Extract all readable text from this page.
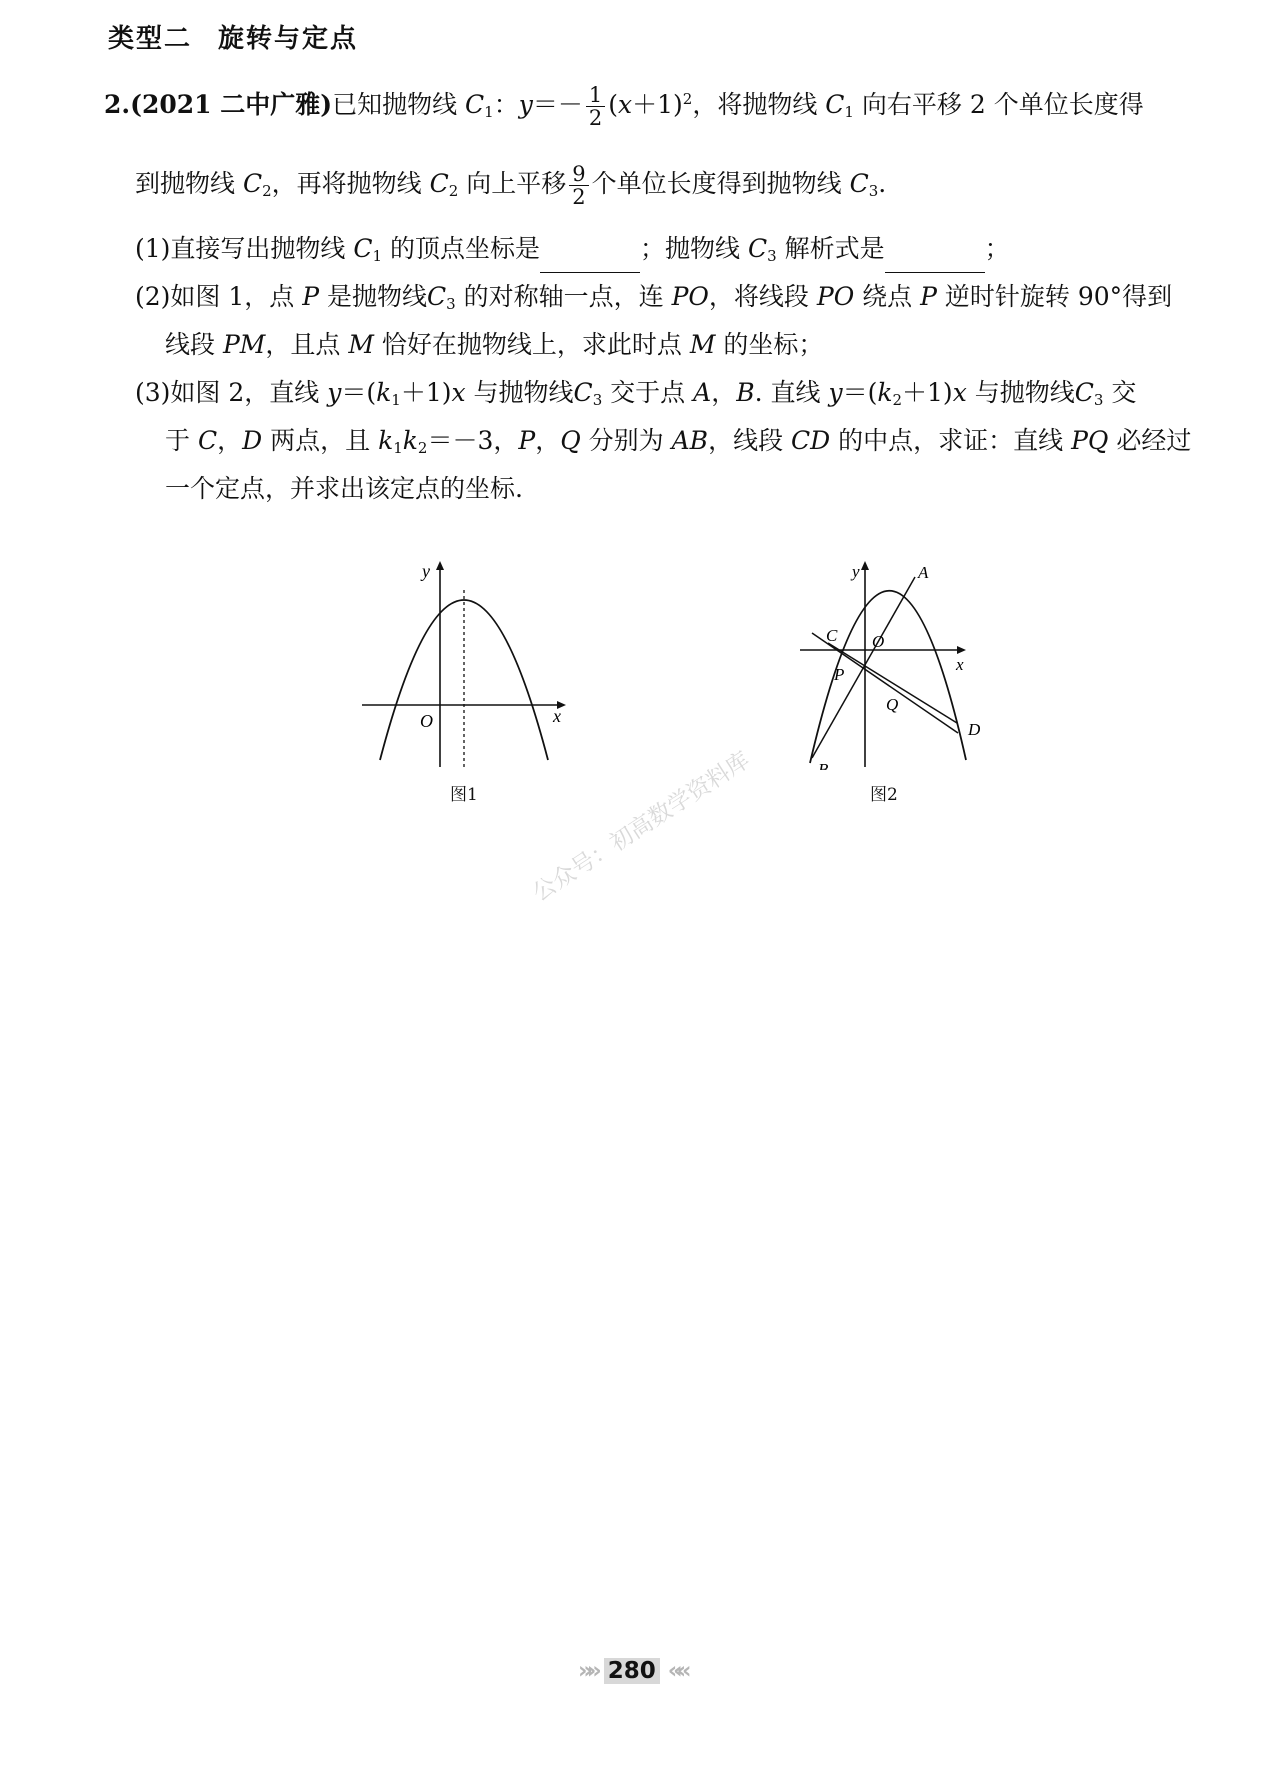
类型二 旋转与定点
2.(2021 二中广雅)已知抛物线 $C_1$：$y=- \frac{1}{2} (x+1)^2$，将抛物线 $C_1$ 向右平移 2 个单位长度得
到抛物线 $C_2$，再将抛物线 $C_2$ 向上平移 $\frac{9}{2}$ 个单位长度得到抛物线 $C_3$.
(1)直接写出抛物线 $C_1$ 的顶点坐标是	；抛物线 $C_3$ 解析式是	；
(2)如图 1，点 P 是抛物线$C_3$ 的对称轴一点，连 PO，将线段 PO 绕点 P 逆时针旋转 90°得到
线段 PM，且点 M 恰好在抛物线上，求此时点 M 的坐标；
(3)如图 2，直线 $y=(k_1+1)x$ 与抛物线$C_3$ 交于点 A，B. 直线 $y=(k_2+1)x$ 与抛物线$C_3$ 交
于 C，D 两点，且 $k_1k_2=-3$，P，Q 分别为 AB，线段 CD 的中点，求证：直线 PQ 必经过
一个定点，并求出该定点的坐标.
y
x
O
图1
A
B
C
D
P
Q
O
y
x
图2
公众号：初高数学资料库
»» 280 ««
